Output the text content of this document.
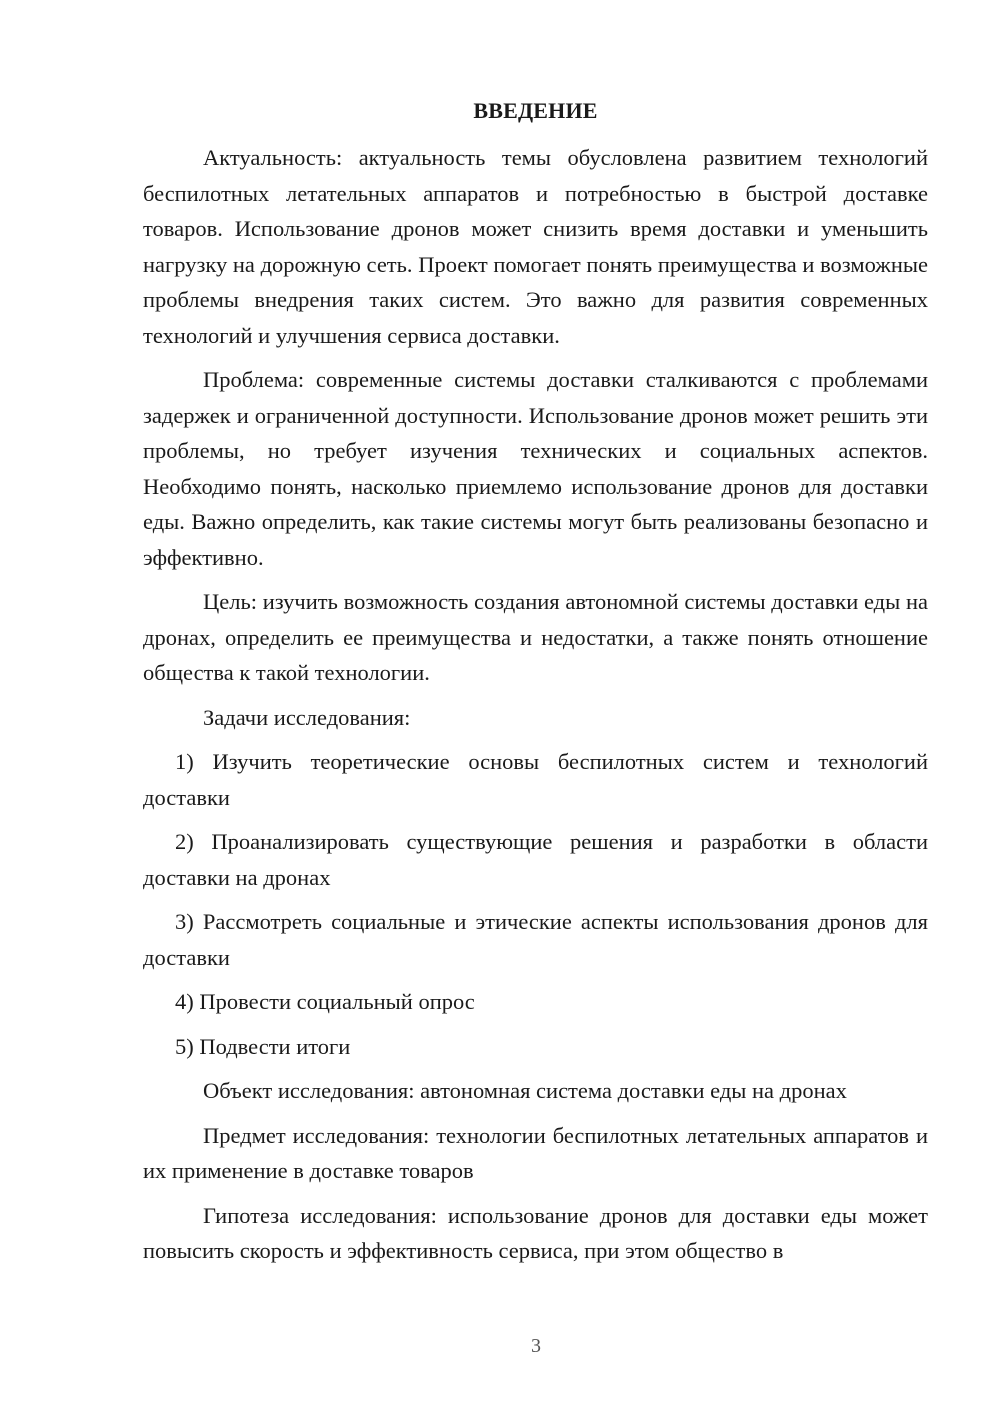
ВВЕДЕНИЕ

Актуальность: актуальность темы обусловлена развитием технологий беспилотных летательных аппаратов и потребностью в быстрой доставке товаров. Использование дронов может снизить время доставки и уменьшить нагрузку на дорожную сеть. Проект помогает понять преимущества и возможные проблемы внедрения таких систем. Это важно для развития современных технологий и улучшения сервиса доставки.

Проблема: современные системы доставки сталкиваются с проблемами задержек и ограниченной доступности. Использование дронов может решить эти проблемы, но требует изучения технических и социальных аспектов. Необходимо понять, насколько приемлемо использование дронов для доставки еды. Важно определить, как такие системы могут быть реализованы безопасно и эффективно.

Цель: изучить возможность создания автономной системы доставки еды на дронах, определить ее преимущества и недостатки, а также понять отношение общества к такой технологии.

Задачи исследования:

1) Изучить теоретические основы беспилотных систем и технологий доставки

2) Проанализировать существующие решения и разработки в области доставки на дронах

3) Рассмотреть социальные и этические аспекты использования дронов для доставки

4) Провести социальный опрос

5) Подвести итоги

Объект исследования: автономная система доставки еды на дронах

Предмет исследования: технологии беспилотных летательных аппаратов и их применение в доставке товаров

Гипотеза исследования: использование дронов для доставки еды может повысить скорость и эффективность сервиса, при этом общество в

3
